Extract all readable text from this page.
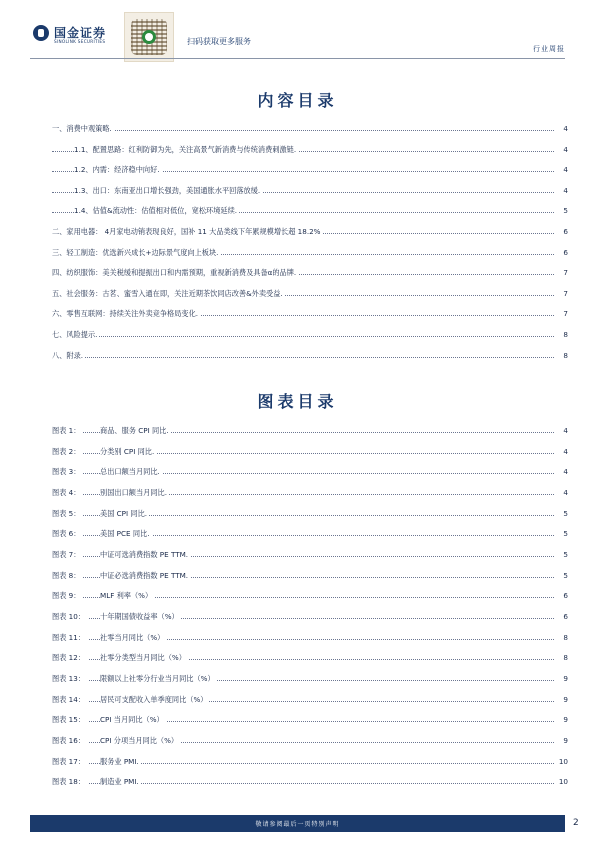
国金证券
SINOLINK SECURITIES	扫码获取更多服务
行业周报
内容目录
一、消费中观策略.	4
1.1、配置思路：红利防御为先，关注高景气新消费与传统消费刺激链.	4
1.2、内需：经济稳中向好.	4
1.3、出口：东南亚出口增长强劲，美国通胀水平回落放缓.	4
1.4、估值&流动性：估值相对低位，宽松环境延续.	5
二、家用电器： 4月家电动销表现良好，国补 11 大品类线下年累规模增长超 18.2%	6
三、轻工制造：优选新兴成长+边际景气度向上板块.	6
四、纺织服饰：美关税缓和提振出口和内需预期，重视新消费及具备α的品牌.	7
五、社会服务：古茗、蜜雪入通在即，关注近期茶饮同店改善&外卖受益.	7
六、零售互联网：持续关注外卖竞争格局变化.	7
七、风险提示.	8
八、附录.	8
图表目录
图表 1：	商品、服务 CPI 同比.	4
图表 2：	分类别 CPI 同比.	4
图表 3：	总出口额当月同比.	4
图表 4：	别国出口额当月同比.	4
图表 5：	美国 CPI 同比.	5
图表 6：	美国 PCE 同比.	5
图表 7：	中证可选消费指数 PE TTM.	5
图表 8：	中证必选消费指数 PE TTM.	5
图表 9：	MLF 利率（%）	6
图表 10：	十年期国债收益率（%）	6
图表 11：	社零当月同比（%）	8
图表 12：	社零分类型当月同比（%）	8
图表 13：	限额以上社零分行业当月同比（%）	9
图表 14：	居民可支配收入单季度同比（%）	9
图表 15：	CPI 当月同比（%）	9
图表 16：	CPI 分项当月同比（%）	9
图表 17：	服务业 PMI.	10
图表 18：	制造业 PMI.	10
敬请参阅最后一页特别声明	2
